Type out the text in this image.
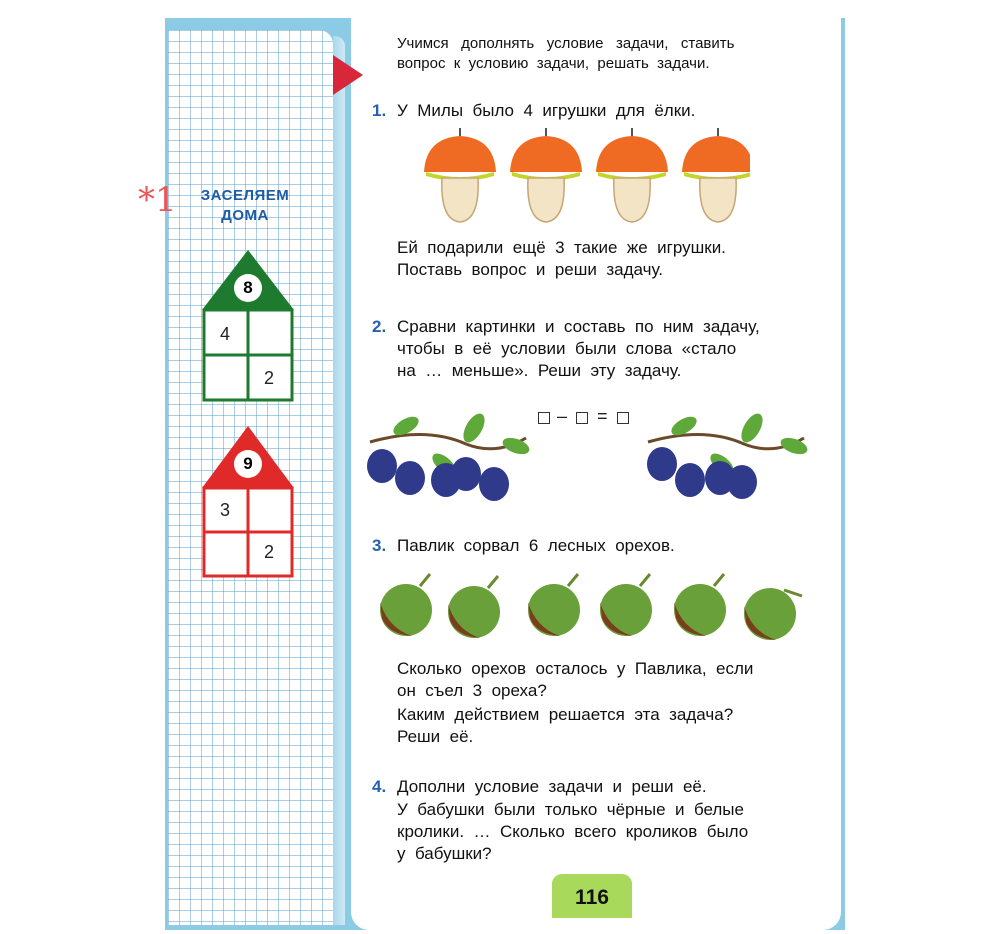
*1	ЗАСЕЛЯЕМ
ДОМА
8
4
2
9
3
2
Учимся   дополнять   условие   задачи,   ставить
вопрос  к  условию  задачи,  решать  задачи.
1. У  Милы  было  4  игрушки  для  ёлки.
Ей  подарили  ещё  3  такие  же  игрушки.
Поставь  вопрос  и  реши  задачу.
2. Сравни  картинки  и  составь  по  ним  задачу,
чтобы  в  её  условии  были  слова  «стало
на  …  меньше».  Реши  эту  задачу.
– =
3. Павлик  сорвал  6  лесных  орехов.
Сколько  орехов  осталось  у  Павлика,  если
он  съел  3  ореха?
Каким  действием  решается  эта  задача?
Реши  её.
4. Дополни  условие  задачи  и  реши  её.
У  бабушки  были  только  чёрные  и  белые
кролики.  …  Сколько  всего  кроликов  было
у  бабушки?
116
